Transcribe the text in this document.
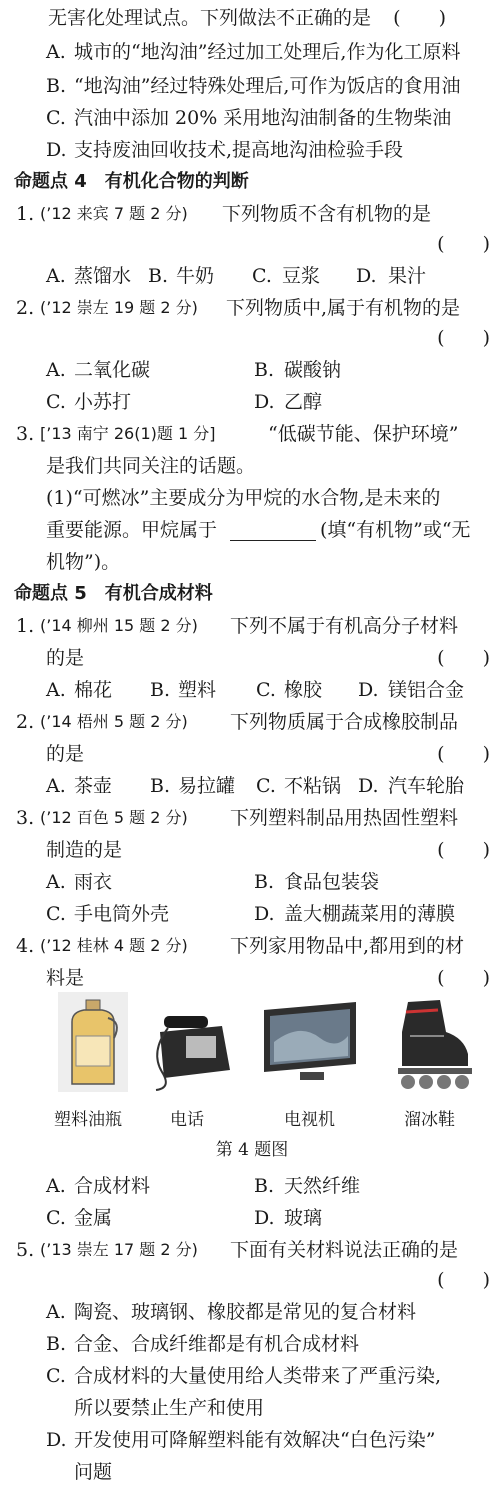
无害化处理试点。下列做法不正确的是 (　　)
A. 城市的“地沟油”经过加工处理后,作为化工原料
B. “地沟油”经过特殊处理后,可作为饭店的食用油
C. 汽油中添加 20% 采用地沟油制备的生物柴油
D. 支持废油回收技术,提高地沟油检验手段
命题点 4　有机化合物的判断
1. (’12 来宾 7 题 2 分) 下列物质不含有机物的是
(　　)
A. 蒸馏水 B. 牛奶 C. 豆浆 D. 果汁
2. (’12 崇左 19 题 2 分) 下列物质中,属于有机物的是
(　　)
A. 二氧化碳	B. 碳酸钠
C. 小苏打	D. 乙醇
3. [’13 南宁 26(1)题 1 分]	“低碳节能、保护环境”
是我们共同关注的话题。
(1)“可燃冰”主要成分为甲烷的水合物,是未来的
重要能源。甲烷属于	(填“有机物”或“无
机物”)。
命题点 5　有机合成材料
1. (’14 柳州 15 题 2 分) 下列不属于有机高分子材料
的是	(　　)
A. 棉花 B. 塑料 C. 橡胶 D. 镁铝合金
2. (’14 梧州 5 题 2 分) 下列物质属于合成橡胶制品
的是	(　　)
A. 茶壶 B. 易拉罐 C. 不粘锅 D. 汽车轮胎
3. (’12 百色 5 题 2 分) 下列塑料制品用热固性塑料
制造的是	(　　)
A. 雨衣	B. 食品包装袋
C. 手电筒外壳	D. 盖大棚蔬菜用的薄膜
4. (’12 桂林 4 题 2 分) 下列家用物品中,都用到的材
料是	(　　)
塑料油瓶	电话	电视机	溜冰鞋
第 4 题图
A. 合成材料	B. 天然纤维
C. 金属	D. 玻璃
5. (’13 崇左 17 题 2 分) 下面有关材料说法正确的是
(　　)
A. 陶瓷、玻璃钢、橡胶都是常见的复合材料
B. 合金、合成纤维都是有机合成材料
C. 合成材料的大量使用给人类带来了严重污染,
所以要禁止生产和使用
D. 开发使用可降解塑料能有效解决“白色污染”
问题
